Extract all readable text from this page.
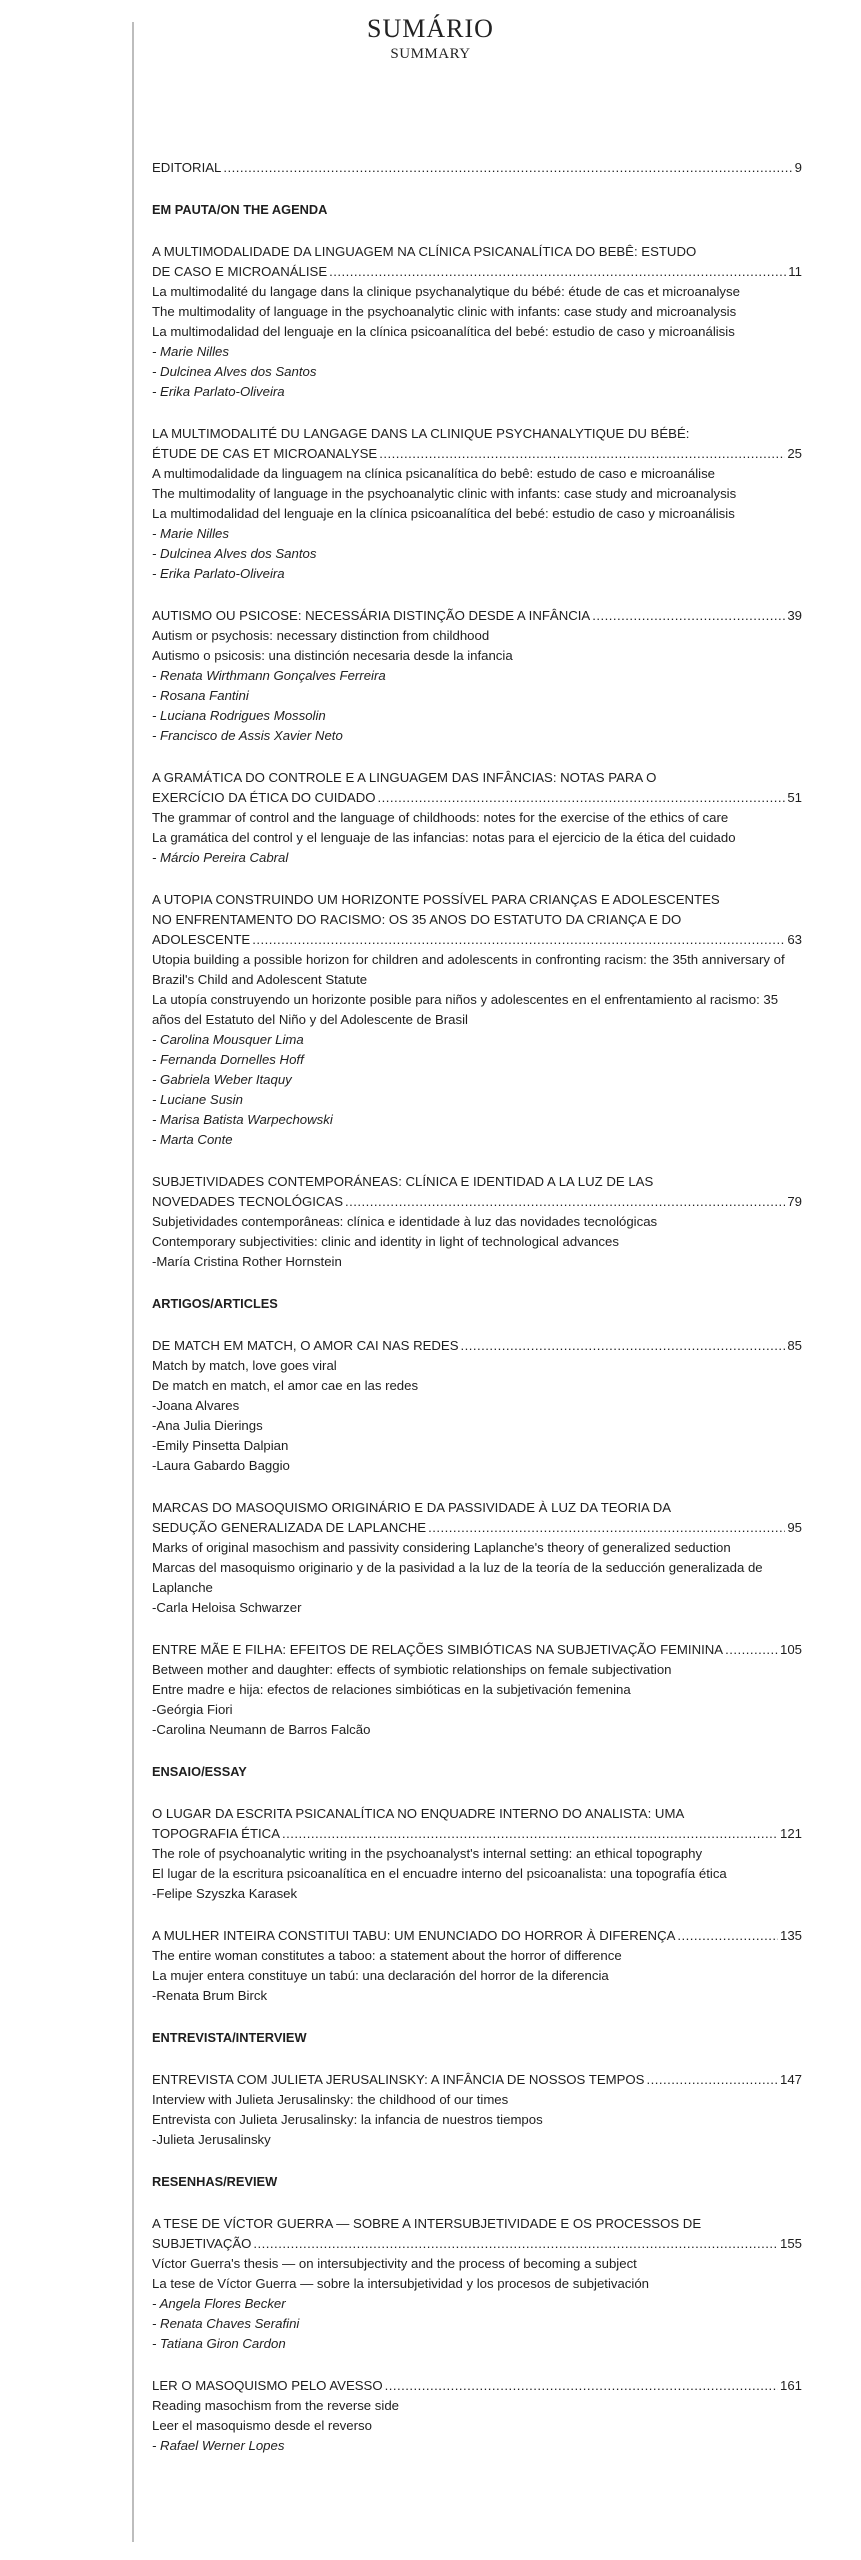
SUMÁRIO
SUMMARY
EDITORIAL . . .	9
EM PAUTA/ON THE AGENDA
A MULTIMODALIDADE DA LINGUAGEM NA CLÍNICA PSICANALÍTICA DO BEBÊ: ESTUDO
DE CASO E MICROANÁLISE . . .	11
La multimodalité du langage dans la clinique psychanalytique du bébé: étude de cas et microanalyse
The multimodality of language in the psychoanalytic clinic with infants: case study and microanalysis
La multimodalidad del lenguaje en la clínica psicoanalítica del bebé: estudio de caso y microanálisis
- Marie Nilles
- Dulcinea Alves dos Santos
- Erika Parlato-Oliveira
LA MULTIMODALITÉ DU LANGAGE DANS LA CLINIQUE PSYCHANALYTIQUE DU BÉBÉ:
ÉTUDE DE CAS ET MICROANALYSE . . .	25
A multimodalidade da linguagem na clínica psicanalítica do bebê: estudo de caso e microanálise
The multimodality of language in the psychoanalytic clinic with infants: case study and microanalysis
La multimodalidad del lenguaje en la clínica psicoanalítica del bebé: estudio de caso y microanálisis
- Marie Nilles
- Dulcinea Alves dos Santos
- Erika Parlato-Oliveira
AUTISMO OU PSICOSE: NECESSÁRIA DISTINÇÃO DESDE A INFÂNCIA . . .	39
Autism or psychosis: necessary distinction from childhood
Autismo o psicosis: una distinción necesaria desde la infancia
- Renata Wirthmann Gonçalves Ferreira
- Rosana Fantini
- Luciana Rodrigues Mossolin
- Francisco de Assis Xavier Neto
A GRAMÁTICA DO CONTROLE E A LINGUAGEM DAS INFÂNCIAS: NOTAS PARA O
EXERCÍCIO DA ÉTICA DO CUIDADO . . .	51
The grammar of control and the language of childhoods: notes for the exercise of the ethics of care
La gramática del control y el lenguaje de las infancias: notas para el ejercicio de la ética del cuidado
- Márcio Pereira Cabral
A UTOPIA CONSTRUINDO UM HORIZONTE POSSÍVEL PARA CRIANÇAS E ADOLESCENTES
NO ENFRENTAMENTO DO RACISMO: OS 35 ANOS DO ESTATUTO DA CRIANÇA E DO
ADOLESCENTE . . .	63
Utopia building a possible horizon for children and adolescents in confronting racism: the 35th anniversary of Brazil's Child and Adolescent Statute
La utopía construyendo un horizonte posible para niños y adolescentes en el enfrentamiento al racismo: 35 años del Estatuto del Niño y del Adolescente de Brasil
- Carolina Mousquer Lima
- Fernanda Dornelles Hoff
- Gabriela Weber Itaquy
- Luciane Susin
- Marisa Batista Warpechowski
- Marta Conte
SUBJETIVIDADES CONTEMPORÁNEAS: CLÍNICA E IDENTIDAD A LA LUZ DE LAS
NOVEDADES TECNOLÓGICAS . . .	79
Subjetividades contemporâneas: clínica e identidade à luz das novidades tecnológicas
Contemporary subjectivities: clinic and identity in light of technological advances
-María Cristina Rother Hornstein
ARTIGOS/ARTICLES
DE MATCH EM MATCH, O AMOR CAI NAS REDES . . .	85
Match by match, love goes viral
De match en match, el amor cae en las redes
-Joana Alvares
-Ana Julia Dierings
-Emily Pinsetta Dalpian
-Laura Gabardo Baggio
MARCAS DO MASOQUISMO ORIGINÁRIO E DA PASSIVIDADE À LUZ DA TEORIA DA
SEDUÇÃO GENERALIZADA DE LAPLANCHE . . .	95
Marks of original masochism and passivity considering Laplanche's theory of generalized seduction
Marcas del masoquismo originario y de la pasividad a la luz de la teoría de la seducción generalizada de Laplanche
-Carla Heloisa Schwarzer
ENTRE MÃE E FILHA: EFEITOS DE RELAÇÕES SIMBIÓTICAS NA SUBJETIVAÇÃO FEMININA . . .	105
Between mother and daughter: effects of symbiotic relationships on female subjectivation
Entre madre e hija: efectos de relaciones simbióticas en la subjetivación femenina
-Geórgia Fiori
-Carolina Neumann de Barros Falcão
ENSAIO/ESSAY
O LUGAR DA ESCRITA PSICANALÍTICA NO ENQUADRE INTERNO DO ANALISTA: UMA
TOPOGRAFIA ÉTICA . . .	121
The role of psychoanalytic writing in the psychoanalyst's internal setting: an ethical topography
El lugar de la escritura psicoanalítica en el encuadre interno del psicoanalista: una topografía ética
-Felipe Szyszka Karasek
A MULHER INTEIRA CONSTITUI TABU: UM ENUNCIADO DO HORROR À DIFERENÇA . . .	135
The entire woman constitutes a taboo: a statement about the horror of difference
La mujer entera constituye un tabú: una declaración del horror de la diferencia
-Renata Brum Birck
ENTREVISTA/INTERVIEW
ENTREVISTA COM JULIETA JERUSALINSKY: A INFÂNCIA DE NOSSOS TEMPOS . . .	147
Interview with Julieta Jerusalinsky: the childhood of our times
Entrevista con Julieta Jerusalinsky: la infancia de nuestros tiempos
-Julieta Jerusalinsky
RESENHAS/REVIEW
A TESE DE VÍCTOR GUERRA — SOBRE A INTERSUBJETIVIDADE E OS PROCESSOS DE
SUBJETIVAÇÃO . . .	155
Víctor Guerra's thesis — on intersubjectivity and the process of becoming a subject
La tese de Víctor Guerra — sobre la intersubjetividad y los procesos de subjetivación
- Angela Flores Becker
- Renata Chaves Serafini
- Tatiana Giron Cardon
LER O MASOQUISMO PELO AVESSO . . .	161
Reading masochism from the reverse side
Leer el masoquismo desde el reverso
- Rafael Werner Lopes
